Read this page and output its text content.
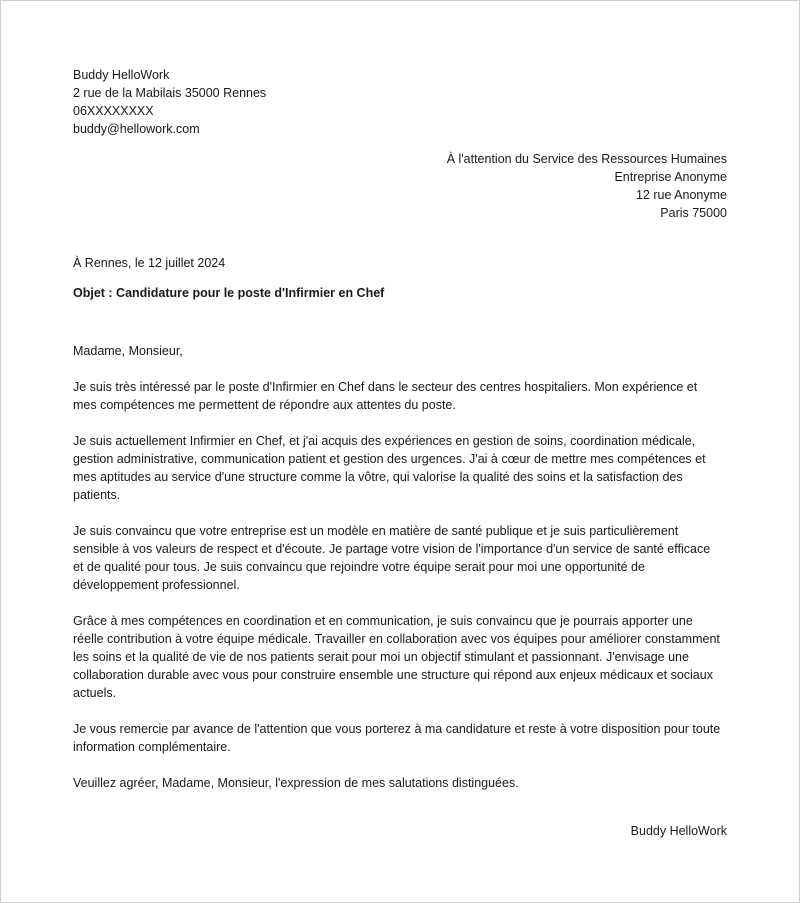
Buddy HelloWork
2 rue de la Mabilais 35000 Rennes
06XXXXXXXX
buddy@hellowork.com
À l'attention du Service des Ressources Humaines
Entreprise Anonyme
12 rue Anonyme
Paris 75000
À Rennes, le 12 juillet 2024
Objet : Candidature pour le poste d'Infirmier en Chef

Madame, Monsieur,

Je suis très intéressé par le poste d'Infirmier en Chef dans le secteur des centres hospitaliers. Mon expérience et mes compétences me permettent de répondre aux attentes du poste.

Je suis actuellement Infirmier en Chef, et j'ai acquis des expériences en gestion de soins, coordination médicale, gestion administrative, communication patient et gestion des urgences. J'ai à cœur de mettre mes compétences et mes aptitudes au service d'une structure comme la vôtre, qui valorise la qualité des soins et la satisfaction des patients.

Je suis convaincu que votre entreprise est un modèle en matière de santé publique et je suis particulièrement sensible à vos valeurs de respect et d'écoute. Je partage votre vision de l'importance d'un service de santé efficace et de qualité pour tous. Je suis convaincu que rejoindre votre équipe serait pour moi une opportunité de développement professionnel.

Grâce à mes compétences en coordination et en communication, je suis convaincu que je pourrais apporter une réelle contribution à votre équipe médicale. Travailler en collaboration avec vos équipes pour améliorer constamment les soins et la qualité de vie de nos patients serait pour moi un objectif stimulant et passionnant. J'envisage une collaboration durable avec vous pour construire ensemble une structure qui répond aux enjeux médicaux et sociaux actuels.

Je vous remercie par avance de l'attention que vous porterez à ma candidature et reste à votre disposition pour toute information complémentaire.

Veuillez agréer, Madame, Monsieur, l'expression de mes salutations distinguées.

Buddy HelloWork
